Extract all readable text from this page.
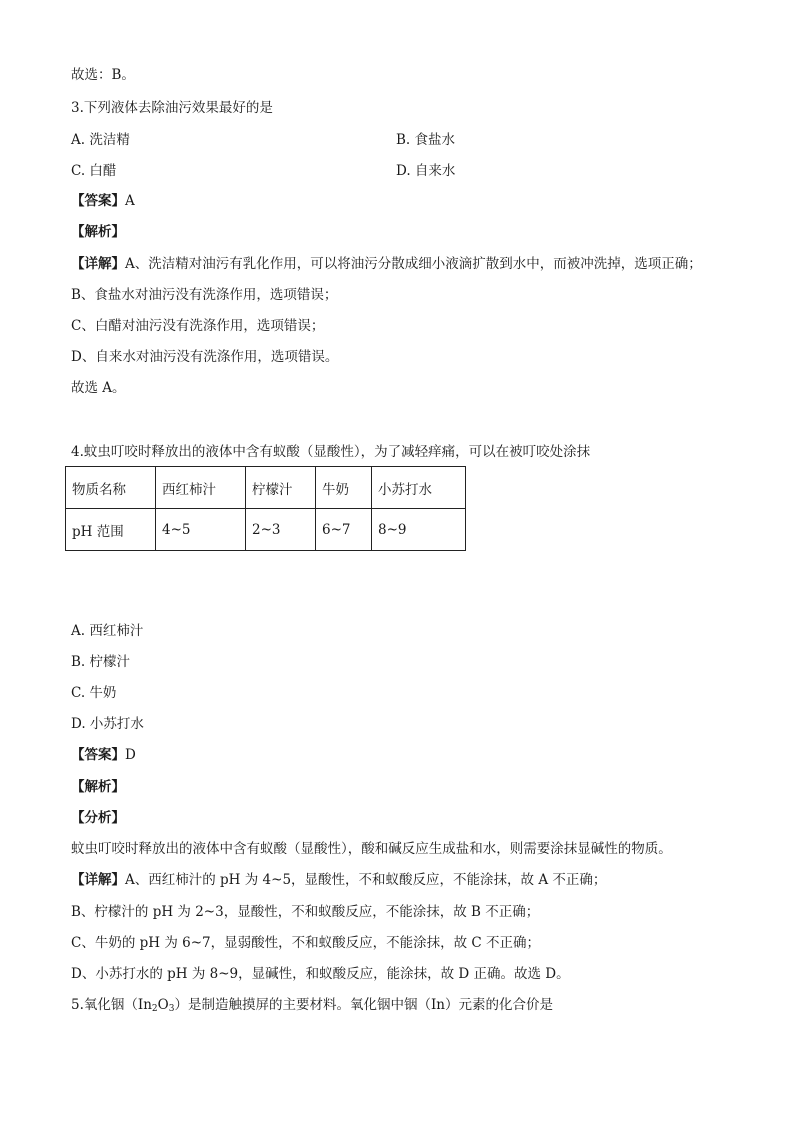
故选：B。
3.下列液体去除油污效果最好的是
A. 洗洁精	B. 食盐水
C. 白醋	D. 自来水
【答案】A
【解析】
【详解】A、洗洁精对油污有乳化作用，可以将油污分散成细小液滴扩散到水中，而被冲洗掉，选项正确；
B、食盐水对油污没有洗涤作用，选项错误；
C、白醋对油污没有洗涤作用，选项错误；
D、自来水对油污没有洗涤作用，选项错误。
故选 A。
4.蚊虫叮咬时释放出的液体中含有蚁酸（显酸性），为了减轻痒痛，可以在被叮咬处涂抹
物质名称	西红柿汁	柠檬汁	牛奶	小苏打水
pH 范围	4~5	2~3	6~7	8~9
A. 西红柿汁
B. 柠檬汁
C. 牛奶
D. 小苏打水
【答案】D
【解析】
【分析】
蚊虫叮咬时释放出的液体中含有蚁酸（显酸性），酸和碱反应生成盐和水，则需要涂抹显碱性的物质。
【详解】A、西红柿汁的 pH 为 4~5，显酸性，不和蚁酸反应，不能涂抹，故 A 不正确；
B、柠檬汁的 pH 为 2~3，显酸性，不和蚁酸反应，不能涂抹，故 B 不正确；
C、牛奶的 pH 为 6~7，显弱酸性，不和蚁酸反应，不能涂抹，故 C 不正确；
D、小苏打水的 pH 为 8~9，显碱性，和蚁酸反应，能涂抹，故 D 正确。故选 D。
5.氧化铟$(In_2O_3)$是制造触摸屏的主要材料。氧化铟中铟（In）元素的化合价是
